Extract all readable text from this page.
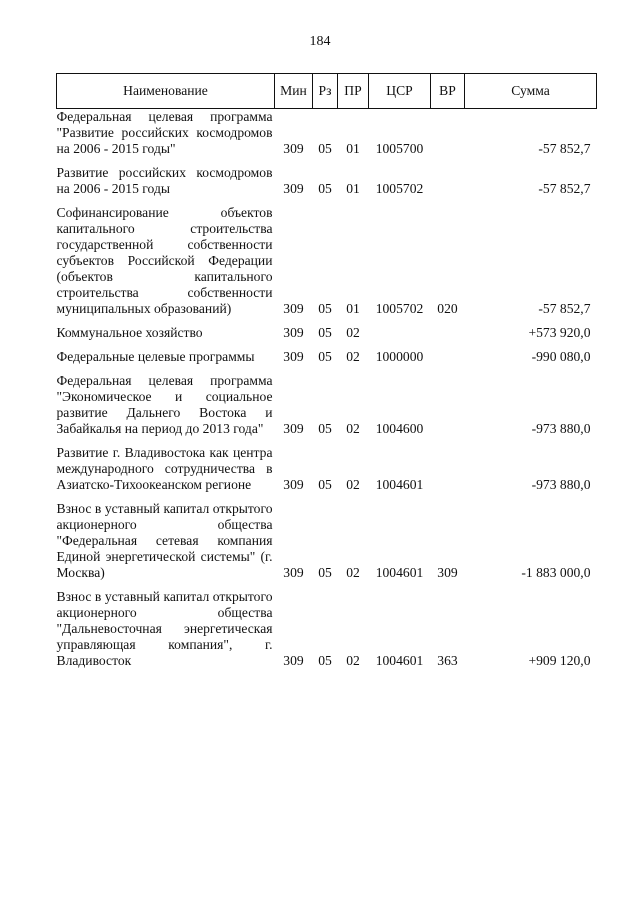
184
Наименование	Мин	Рз	ПР	ЦСР	ВР	Сумма
Федеральная целевая программа "Развитие российских космодромов на 2006 - 2015 годы"	309	05	01	1005700		-57 852,7
Развитие российских космодромов на 2006 - 2015 годы	309	05	01	1005702		-57 852,7
Софинансирование объектов капитального строительства государственной собственности субъектов Российской Федерации (объектов капитального строительства собственности муниципальных образований)	309	05	01	1005702	020	-57 852,7
Коммунальное хозяйство	309	05	02			+573 920,0
Федеральные целевые программы	309	05	02	1000000		-990 080,0
Федеральная целевая программа "Экономическое и социальное развитие Дальнего Востока и Забайкалья на период до 2013 года"	309	05	02	1004600		-973 880,0
Развитие г. Владивостока как центра международного сотрудничества в Азиатско-Тихоокеанском регионе	309	05	02	1004601		-973 880,0
Взнос в уставный капитал открытого акционерного общества "Федеральная сетевая компания Единой энергетической системы" (г. Москва)	309	05	02	1004601	309	-1 883 000,0
Взнос в уставный капитал открытого акционерного общества "Дальневосточная энергетическая управляющая компания", г. Владивосток	309	05	02	1004601	363	+909 120,0
